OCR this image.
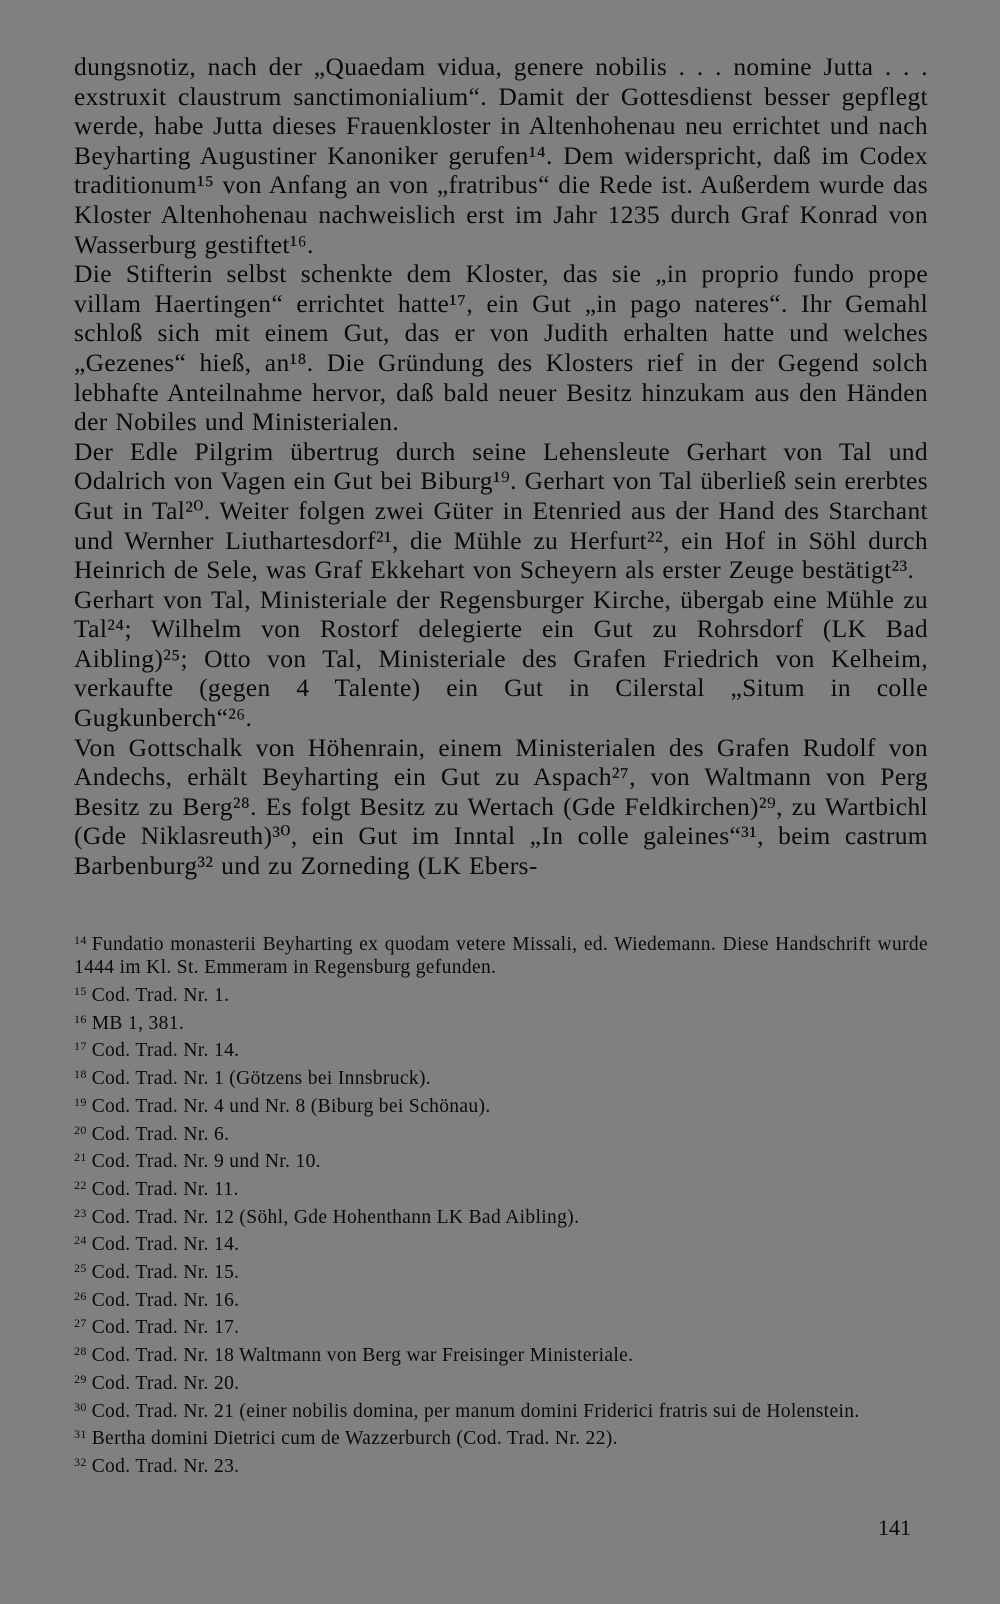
dungsnotiz, nach der „Quaedam vidua, genere nobilis . . . nomine Jutta . . . exstruxit claustrum sanctimonialium“. Damit der Gottesdienst besser gepflegt werde, habe Jutta dieses Frauenkloster in Altenhohenau neu errichtet und nach Beyharting Augustiner Kanoniker gerufen¹⁴. Dem widerspricht, daß im Codex traditionum¹⁵ von Anfang an von „fratribus“ die Rede ist. Außerdem wurde das Kloster Altenhohenau nachweislich erst im Jahr 1235 durch Graf Konrad von Wasserburg gestiftet¹⁶.

Die Stifterin selbst schenkte dem Kloster, das sie „in proprio fundo prope villam Haertingen“ errichtet hatte¹⁷, ein Gut „in pago nateres“. Ihr Gemahl schloß sich mit einem Gut, das er von Judith erhalten hatte und welches „Gezenes“ hieß, an¹⁸. Die Gründung des Klosters rief in der Gegend solch lebhafte Anteilnahme hervor, daß bald neuer Besitz hinzukam aus den Händen der Nobiles und Ministerialen.

Der Edle Pilgrim übertrug durch seine Lehensleute Gerhart von Tal und Odalrich von Vagen ein Gut bei Biburg¹⁹. Gerhart von Tal überließ sein ererbtes Gut in Tal²⁰. Weiter folgen zwei Güter in Etenried aus der Hand des Starchant und Wernher Liuthartesdorf²¹, die Mühle zu Herfurt²², ein Hof in Söhl durch Heinrich de Sele, was Graf Ekkehart von Scheyern als erster Zeuge bestätigt²³.

Gerhart von Tal, Ministeriale der Regensburger Kirche, übergab eine Mühle zu Tal²⁴; Wilhelm von Rostorf delegierte ein Gut zu Rohrsdorf (LK Bad Aibling)²⁵; Otto von Tal, Ministeriale des Grafen Friedrich von Kelheim, verkaufte (gegen 4 Talente) ein Gut in Cilerstal „Situm in colle Gugkunberch“²⁶.

Von Gottschalk von Höhenrain, einem Ministerialen des Grafen Rudolf von Andechs, erhält Beyharting ein Gut zu Aspach²⁷, von Waltmann von Perg Besitz zu Berg²⁸. Es folgt Besitz zu Wertach (Gde Feldkirchen)²⁹, zu Wartbichl (Gde Niklasreuth)³⁰, ein Gut im Inntal „In colle galeines“³¹, beim castrum Barbenburg³² und zu Zorneding (LK Ebers-

$^{14}$ Fundatio monasterii Beyharting ex quodam vetere Missali, ed. Wiedemann. Diese Handschrift wurde 1444 im Kl. St. Emmeram in Regensburg gefunden.

$^{15}$ Cod. Trad. Nr. 1.

$^{16}$ MB 1, 381.

$^{17}$ Cod. Trad. Nr. 14.

$^{18}$ Cod. Trad. Nr. 1 (Götzens bei Innsbruck).

$^{19}$ Cod. Trad. Nr. 4 und Nr. 8 (Biburg bei Schönau).

$^{20}$ Cod. Trad. Nr. 6.

$^{21}$ Cod. Trad. Nr. 9 und Nr. 10.

$^{22}$ Cod. Trad. Nr. 11.

$^{23}$ Cod. Trad. Nr. 12 (Söhl, Gde Hohenthann LK Bad Aibling).

$^{24}$ Cod. Trad. Nr. 14.

$^{25}$ Cod. Trad. Nr. 15.

$^{26}$ Cod. Trad. Nr. 16.

$^{27}$ Cod. Trad. Nr. 17.

$^{28}$ Cod. Trad. Nr. 18 Waltmann von Berg war Freisinger Ministeriale.

$^{29}$ Cod. Trad. Nr. 20.

$^{30}$ Cod. Trad. Nr. 21 (einer nobilis domina, per manum domini Friderici fratris sui de Holenstein.

$^{31}$ Bertha domini Dietrici cum de Wazzerburch (Cod. Trad. Nr. 22).

$^{32}$ Cod. Trad. Nr. 23.

141
